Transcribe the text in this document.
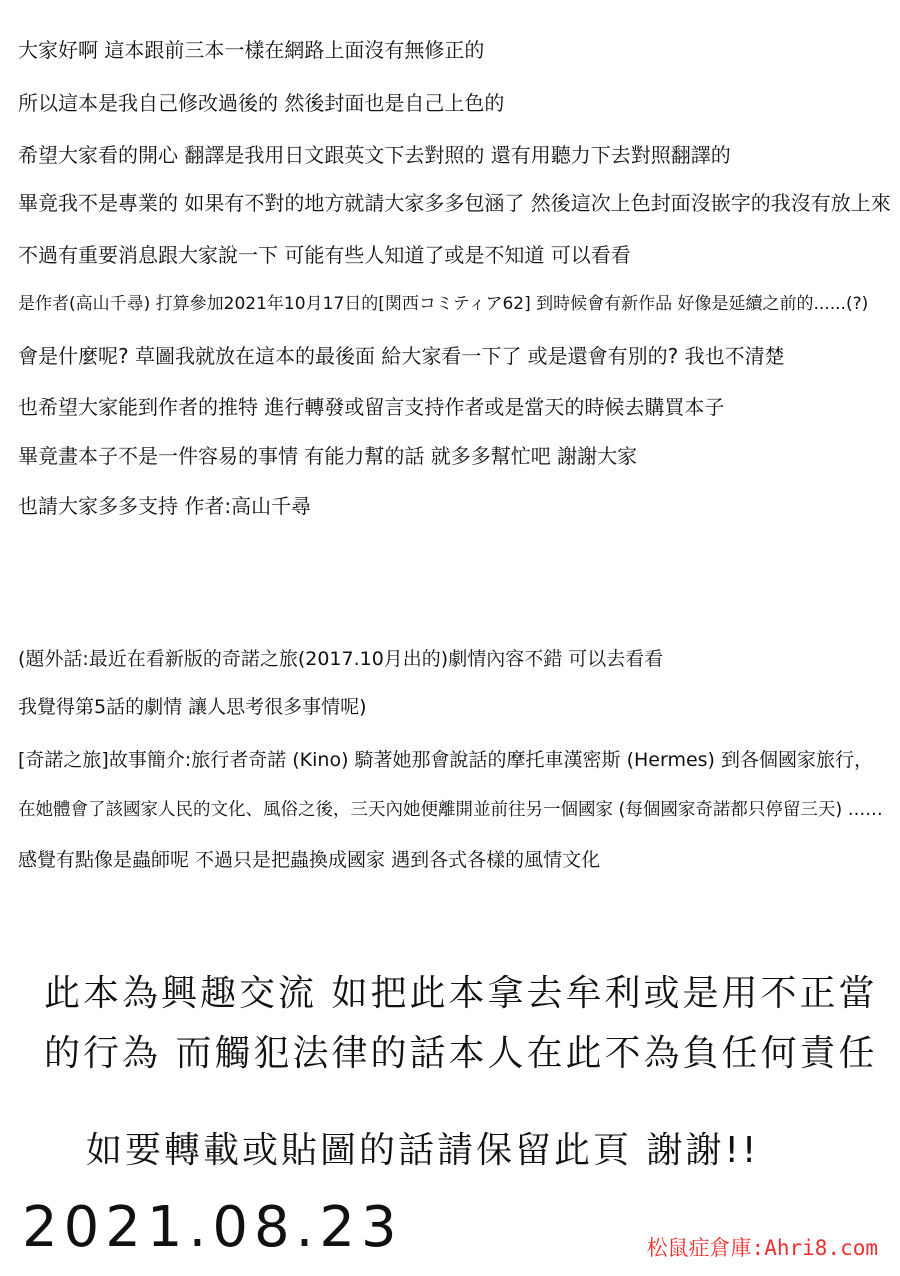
大家好啊 這本跟前三本一樣在網路上面沒有無修正的
所以這本是我自己修改過後的 然後封面也是自己上色的
希望大家看的開心 翻譯是我用日文跟英文下去對照的 還有用聽力下去對照翻譯的
畢竟我不是專業的 如果有不對的地方就請大家多多包涵了 然後這次上色封面沒嵌字的我沒有放上來
不過有重要消息跟大家說一下 可能有些人知道了或是不知道 可以看看
是作者(高山千尋) 打算參加2021年10月17日的[関西コミティア62] 到時候會有新作品 好像是延續之前的......(?)
會是什麼呢? 草圖我就放在這本的最後面 給大家看一下了 或是還會有別的? 我也不清楚
也希望大家能到作者的推特 進行轉發或留言支持作者或是當天的時候去購買本子
畢竟畫本子不是一件容易的事情 有能力幫的話 就多多幫忙吧 謝謝大家
也請大家多多支持 作者:高山千尋
(題外話:最近在看新版的奇諾之旅(2017.10月出的)劇情內容不錯 可以去看看
我覺得第5話的劇情 讓人思考很多事情呢)
[奇諾之旅]故事簡介:旅行者奇諾 (Kino) 騎著她那會說話的摩托車漢密斯 (Hermes) 到各個國家旅行，
在她體會了該國家人民的文化、風俗之後，三天內她便離開並前往另一個國家 (每個國家奇諾都只停留三天) ……
感覺有點像是蟲師呢 不過只是把蟲換成國家 遇到各式各樣的風情文化
此本為興趣交流 如把此本拿去牟利或是用不正當
的行為 而觸犯法律的話本人在此不為負任何責任
如要轉載或貼圖的話請保留此頁 謝謝!!
2021.08.23	松鼠症倉庫:Ahri8.com
